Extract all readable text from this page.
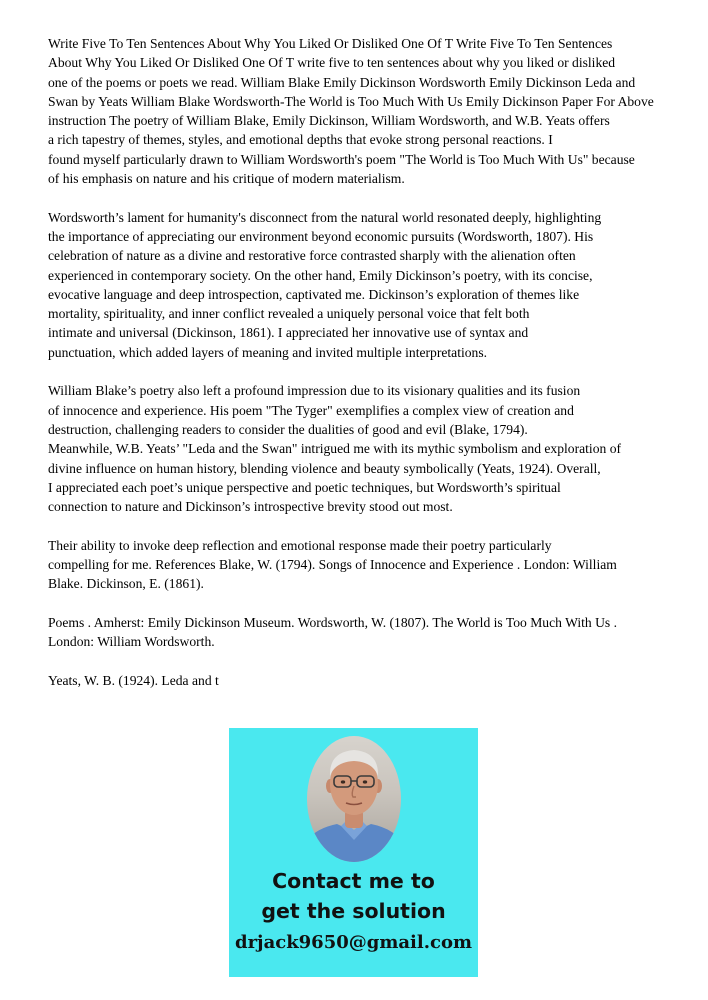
Write Five To Ten Sentences About Why You Liked Or Disliked One Of T Write Five To Ten Sentences
About Why You Liked Or Disliked One Of T write five to ten sentences about why you liked or disliked
one of the poems or poets we read. William Blake Emily Dickinson Wordsworth Emily Dickinson Leda and
Swan by Yeats William Blake Wordsworth-The World is Too Much With Us Emily Dickinson Paper For Above
instruction The poetry of William Blake, Emily Dickinson, William Wordsworth, and W.B. Yeats offers
a rich tapestry of themes, styles, and emotional depths that evoke strong personal reactions. I
found myself particularly drawn to William Wordsworth's poem "The World is Too Much With Us" because
of his emphasis on nature and his critique of modern materialism.
Wordsworth’s lament for humanity's disconnect from the natural world resonated deeply, highlighting
the importance of appreciating our environment beyond economic pursuits (Wordsworth, 1807). His
celebration of nature as a divine and restorative force contrasted sharply with the alienation often
experienced in contemporary society. On the other hand, Emily Dickinson’s poetry, with its concise,
evocative language and deep introspection, captivated me. Dickinson’s exploration of themes like
mortality, spirituality, and inner conflict revealed a uniquely personal voice that felt both
intimate and universal (Dickinson, 1861). I appreciated her innovative use of syntax and
punctuation, which added layers of meaning and invited multiple interpretations.
William Blake’s poetry also left a profound impression due to its visionary qualities and its fusion
of innocence and experience. His poem "The Tyger" exemplifies a complex view of creation and
destruction, challenging readers to consider the dualities of good and evil (Blake, 1794).
Meanwhile, W.B. Yeats’ "Leda and the Swan" intrigued me with its mythic symbolism and exploration of
divine influence on human history, blending violence and beauty symbolically (Yeats, 1924). Overall,
I appreciated each poet’s unique perspective and poetic techniques, but Wordsworth’s spiritual
connection to nature and Dickinson’s introspective brevity stood out most.
Their ability to invoke deep reflection and emotional response made their poetry particularly
compelling for me. References Blake, W. (1794). Songs of Innocence and Experience . London: William
Blake. Dickinson, E. (1861).
Poems . Amherst: Emily Dickinson Museum. Wordsworth, W. (1807). The World is Too Much With Us .
London: William Wordsworth.
Yeats, W. B. (1924). Leda and t
Contact me to
get the solution
drjack9650@gmail.com
